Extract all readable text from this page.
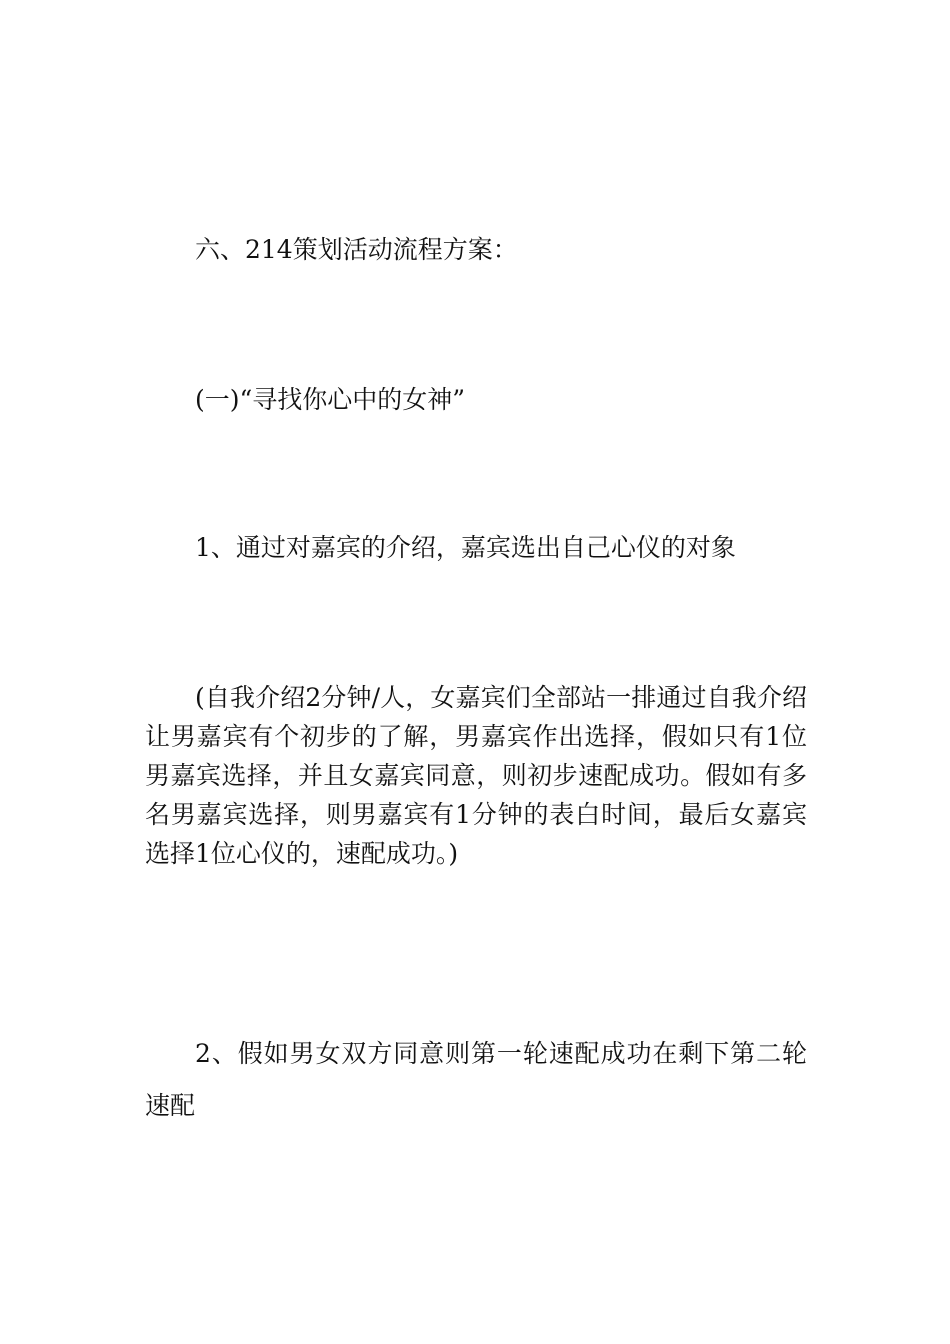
六、214策划活动流程方案：

(一)“寻找你心中的女神”

1、通过对嘉宾的介绍，嘉宾选出自己心仪的对象

(自我介绍2分钟/人，女嘉宾们全部站一排通过自我介绍让男嘉宾有个初步的了解，男嘉宾作出选择，假如只有1位男嘉宾选择，并且女嘉宾同意，则初步速配成功。假如有多名男嘉宾选择，则男嘉宾有1分钟的表白时间，最后女嘉宾选择1位心仪的，速配成功。)

2、假如男女双方同意则第一轮速配成功在剩下第二轮速配
